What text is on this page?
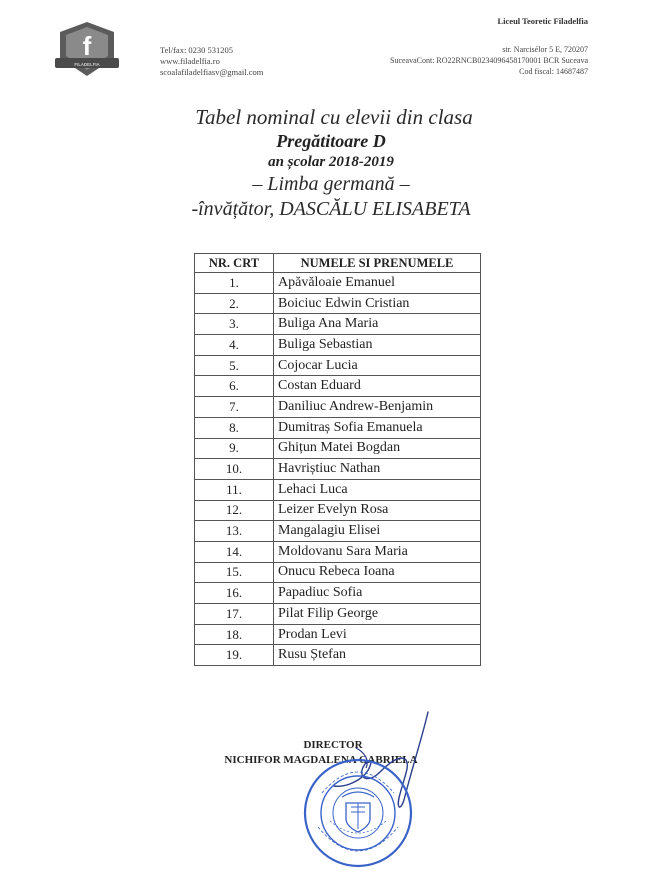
f
FILADELFIA
Tel/fax: 0230 531205
www.filadelfia.ro
scoalafiladelfiasv@gmail.com
Liceul Teoretic Filadelfia
str. Narcisélor 5 E, 720207
SuceavaCont: RO22RNCB0234096458170001 BCR Suceava
Cod fiscal: 14687487
Tabel nominal cu elevii din clasa
Pregătitoare D
an școlar 2018-2019
– Limba germană –
-învățător, DASCĂLU ELISABETA
NR. CRT	NUMELE SI PRENUMELE
1.	Apăvăloaie Emanuel
2.	Boiciuc Edwin Cristian
3.	Buliga Ana Maria
4.	Buliga Sebastian
5.	Cojocar Lucia
6.	Costan Eduard
7.	Daniliuc Andrew-Benjamin
8.	Dumitraș Sofia Emanuela
9.	Ghițun Matei Bogdan
10.	Havriștiuc Nathan
11.	Lehaci Luca
12.	Leizer Evelyn Rosa
13.	Mangalagiu Elisei
14.	Moldovanu Sara Maria
15.	Onucu Rebeca Ioana
16.	Papadiuc Sofia
17.	Pilat Filip George
18.	Prodan Levi
19.	Rusu Ștefan
DIRECTOR
NICHIFOR MAGDALENA GABRIELA
